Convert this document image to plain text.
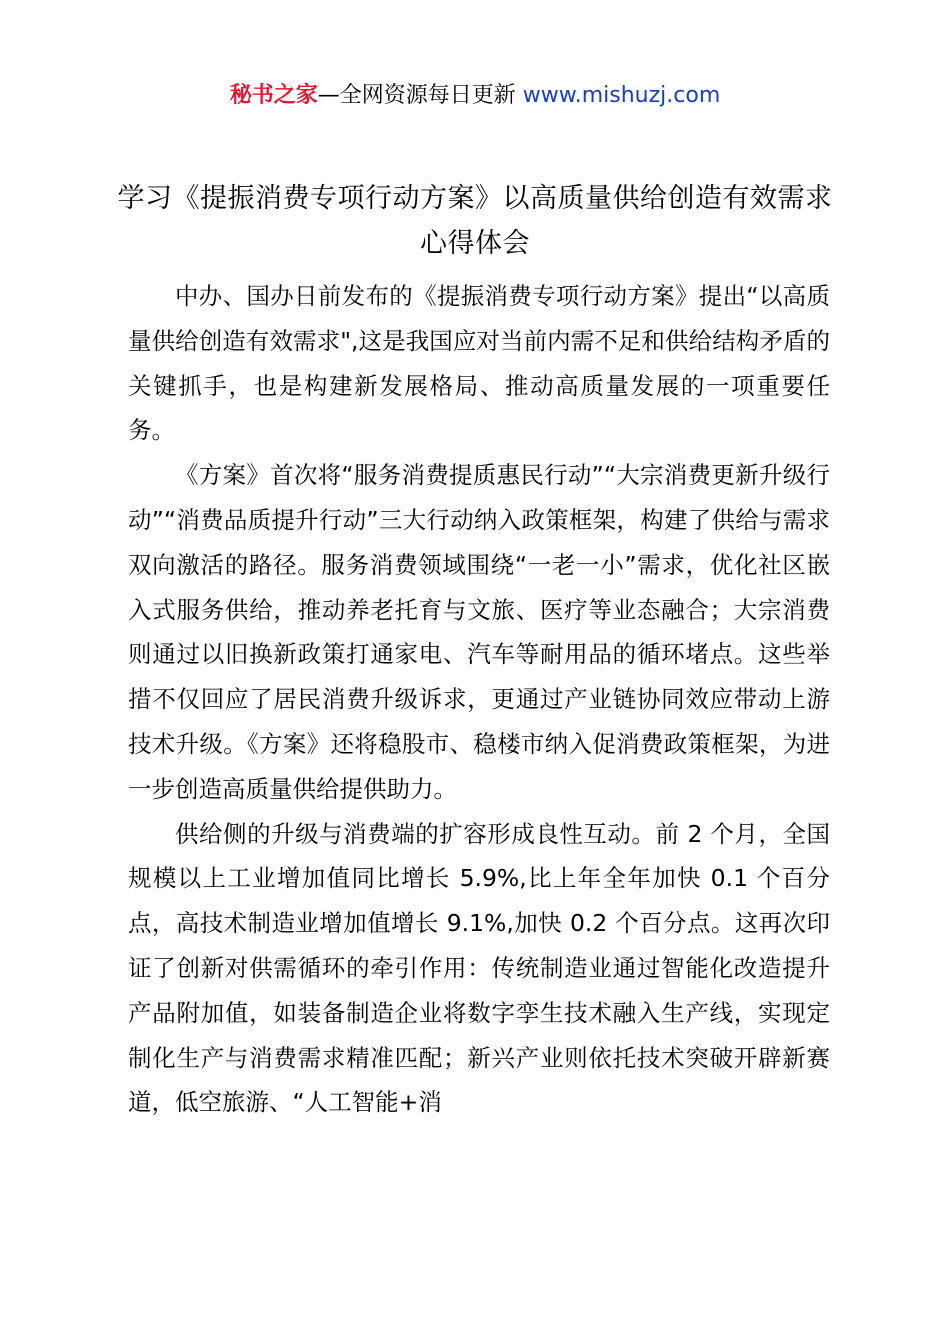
秘书之家—全网资源每日更新 www.mishuzj.com
学习《提振消费专项行动方案》以高质量供给创造有效需求心得体会

中办、国办日前发布的《提振消费专项行动方案》提出“以高质量供给创造有效需求",这是我国应对当前内需不足和供给结构矛盾的关键抓手，也是构建新发展格局、推动高质量发展的一项重要任务。

《方案》首次将“服务消费提质惠民行动”“大宗消费更新升级行动”“消费品质提升行动”三大行动纳入政策框架，构建了供给与需求双向激活的路径。服务消费领域围绕“一老一小”需求，优化社区嵌入式服务供给，推动养老托育与文旅、医疗等业态融合；大宗消费则通过以旧换新政策打通家电、汽车等耐用品的循环堵点。这些举措不仅回应了居民消费升级诉求，更通过产业链协同效应带动上游技术升级。《方案》还将稳股市、稳楼市纳入促消费政策框架，为进一步创造高质量供给提供助力。

供给侧的升级与消费端的扩容形成良性互动。前 2 个月，全国规模以上工业增加值同比增长 5.9%,比上年全年加快 0.1 个百分点，高技术制造业增加值增长 9.1%,加快 0.2 个百分点。这再次印证了创新对供需循环的牵引作用：传统制造业通过智能化改造提升产品附加值，如装备制造企业将数字孪生技术融入生产线，实现定制化生产与消费需求精准匹配；新兴产业则依托技术突破开辟新赛道，低空旅游、“人工智能+消
